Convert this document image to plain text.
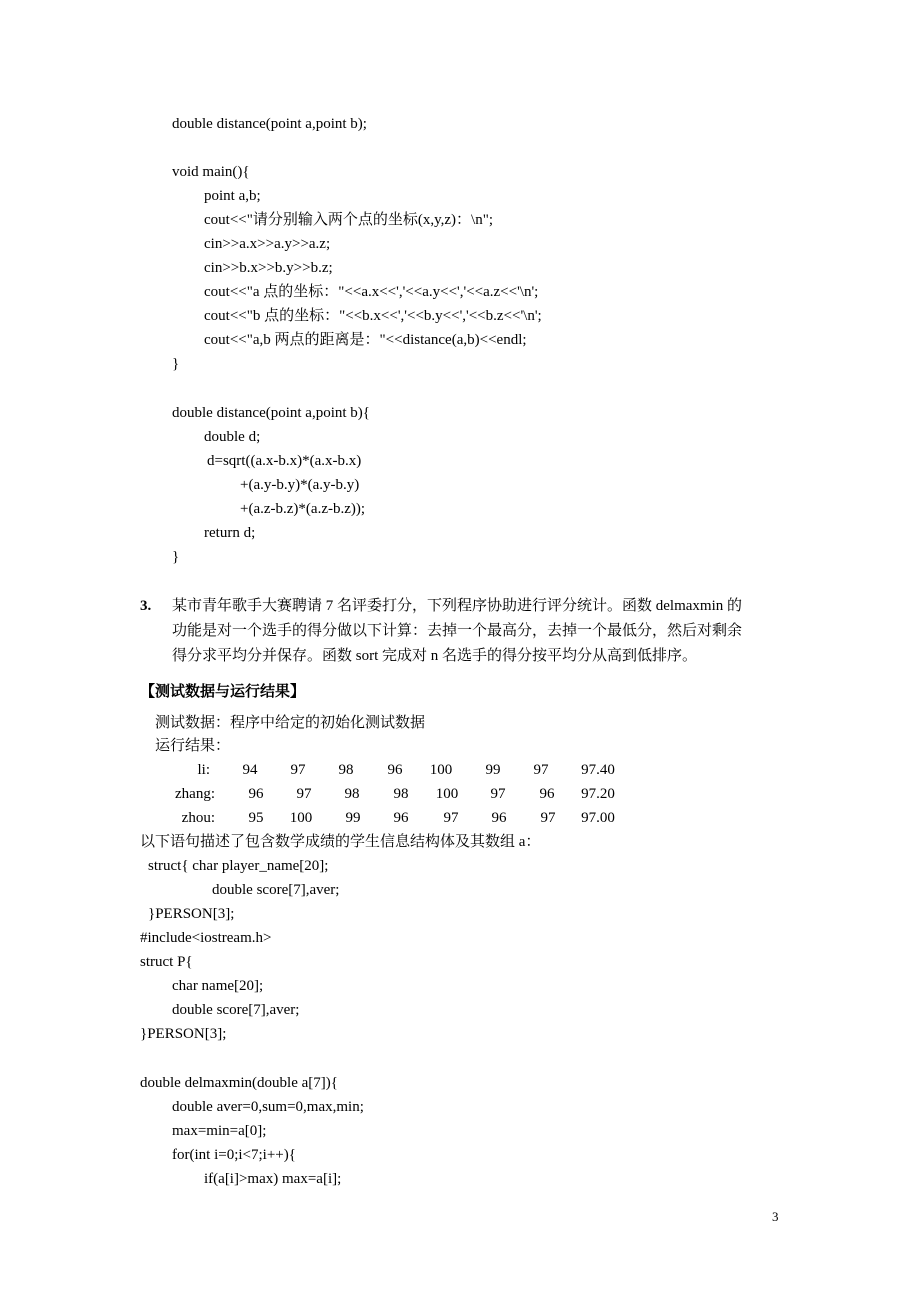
double distance(point a,point b);
void main(){
point a,b;
cout<<"请分别输入两个点的坐标(x,y,z)：\n";
cin>>a.x>>a.y>>a.z;
cin>>b.x>>b.y>>b.z;
cout<<"a 点的坐标："<<a.x<<','<<a.y<<','<<a.z<<'\n';
cout<<"b 点的坐标："<<b.x<<','<<b.y<<','<<b.z<<'\n';
cout<<"a,b 两点的距离是："<<distance(a,b)<<endl;
}
double distance(point a,point b){
double d;
d=sqrt((a.x-b.x)*(a.x-b.x)
+(a.y-b.y)*(a.y-b.y)
+(a.z-b.z)*(a.z-b.z));
return d;
}
3. 某市青年歌手大赛聘请 7 名评委打分，下列程序协助进行评分统计。函数 delmaxmin 的
功能是对一个选手的得分做以下计算：去掉一个最高分，去掉一个最低分，然后对剩余
得分求平均分并保存。函数 sort 完成对 n 名选手的得分按平均分从高到低排序。
【测试数据与运行结果】
测试数据：程序中给定的初始化测试数据
运行结果：
li:	94	97	98	96	100	99	97	97.40
zhang:	96	97	98	98	100	97	96	97.20
zhou:	95	100	99	96	97	96	97	97.00
以下语句描述了包含数学成绩的学生信息结构体及其数组 a：
struct{ char player_name[20];
double score[7],aver;
}PERSON[3];
#include<iostream.h>
struct P{
char name[20];
double score[7],aver;
}PERSON[3];
double delmaxmin(double a[7]){
double aver=0,sum=0,max,min;
max=min=a[0];
for(int i=0;i<7;i++){
if(a[i]>max) max=a[i];
3
